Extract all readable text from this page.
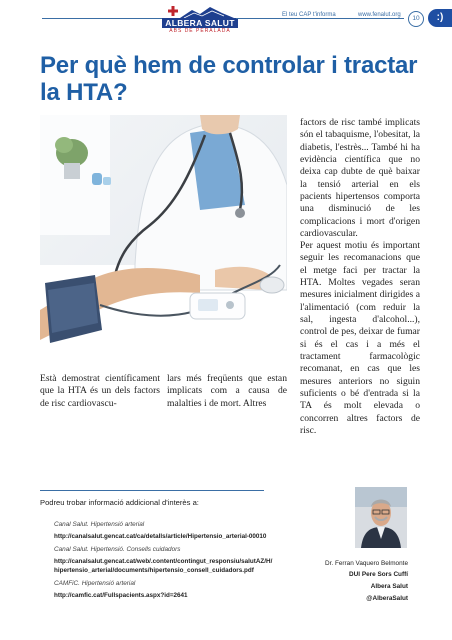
ALBERA SALUT
ABS DE PERALADA
El teu CAP t'informa	www.fenalut.org	10	:)
Per què hem de controlar i tractar la HTA?

Està demostrat científicament que la HTA és un dels factors de risc cardiovascu-

lars més freqüents que estan implicats com a causa de malalties i de mort. Altres

factors de risc també implicats són el tabaquisme, l'obesitat, la diabetis, l'estrès... També hi ha evidència científica que no deixa cap dubte de què baixar la tensió arterial en els pacients hipertensos comporta una disminució de les complicacions i mort d'origen cardiovascular.

Per aquest motiu és important seguir les recomanacions que el metge faci per tractar la HTA. Moltes vegades seran mesures inicialment dirigides a l'alimentació (com reduir la sal, ingesta d'alcohol...), control de pes, deixar de fumar si és el cas i a més el tractament farmacològic recomanat, en cas que les mesures anteriors no siguin suficients o bé d'entrada si la TA és molt elevada o concorren altres factors de risc.

Podreu trobar informació addicional d'interès a:
Canal Salut. Hipertensió arterial
http://canalsalut.gencat.cat/ca/detalls/article/Hipertensio_arterial-00010
Canal Salut. Hipertensió. Consells cuidadors
http://canalsalut.gencat.cat/web/.content/contingut_responsiu/salutAZ/H/ hipertensio_arterial/documents/hipertensio_consell_cuidadors.pdf
CAMFiC. Hipertensió arterial
http://camfic.cat/Fullspacients.aspx?id=2641
Dr. Ferran Vaquero Belmonte
DUI Pere Sors Cuffí
Albera Salut
@AlberaSalut
